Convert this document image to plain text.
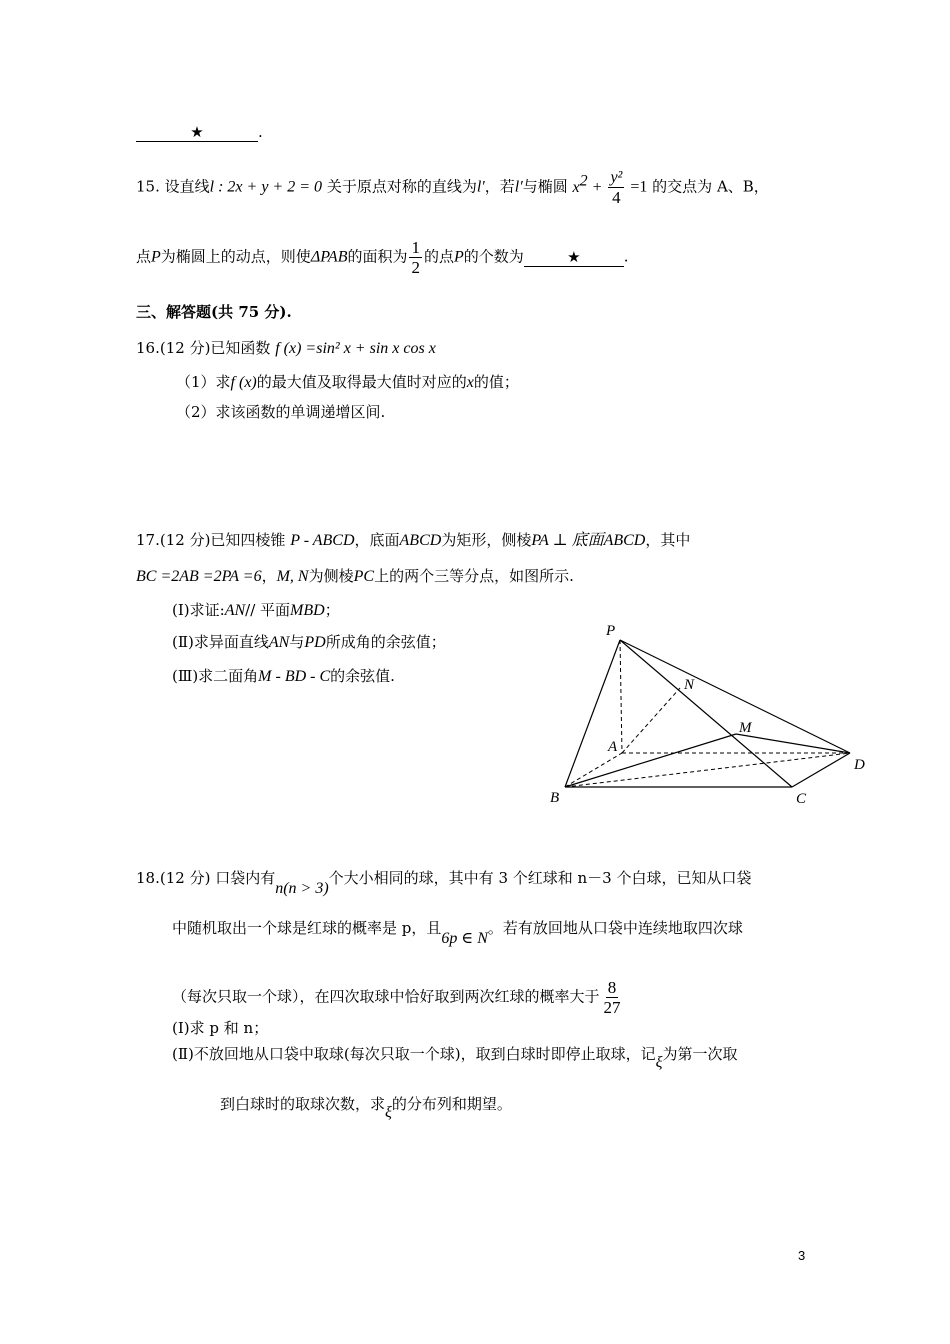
★	.
15. 设直线l : 2x + y + 2 = 0 关于原点对称的直线为l′，若l′与椭圆 $x^2 + \frac{\text{y²}}{4} =1$ 的交点为 A、B，
点P为椭圆上的动点，则使ΔPAB的面积为 $\frac{1}{2}$ 的点P的个数为	★	.
三、解答题(共 75 分).
16.(12 分)已知函数 f (x) =sin² x + sin x cos x
（1）求f (x)的最大值及取得最大值时对应的x的值；
（2）求该函数的单调递增区间.
17.(12 分)已知四棱锥 P - ABCD，底面ABCD为矩形，侧棱PA ⊥ 底面ABCD，其中
BC =2AB =2PA =6，M, N为侧棱PC上的两个三等分点，如图所示.
(Ⅰ)求证:AN// 平面MBD；
(Ⅱ)求异面直线AN与PD所成角的余弦值；
(Ⅲ)求二面角M - BD - C的余弦值.
P
N
M
A
B	C
D
18.(12 分) 口袋内有n(n > 3)个大小相同的球，其中有 3 个红球和 n－3 个白球，已知从口袋
中随机取出一个球是红球的概率是 p，且6p ∈ N。若有放回地从口袋中连续地取四次球
（每次只取一个球），在四次取球中恰好取到两次红球的概率大于 $\frac{8}{27}$
(Ⅰ)求 p 和 n；
(Ⅱ)不放回地从口袋中取球(每次只取一个球)，取到白球时即停止取球，记ξ为第一次取
到白球时的取球次数，求ξ的分布列和期望。
3
